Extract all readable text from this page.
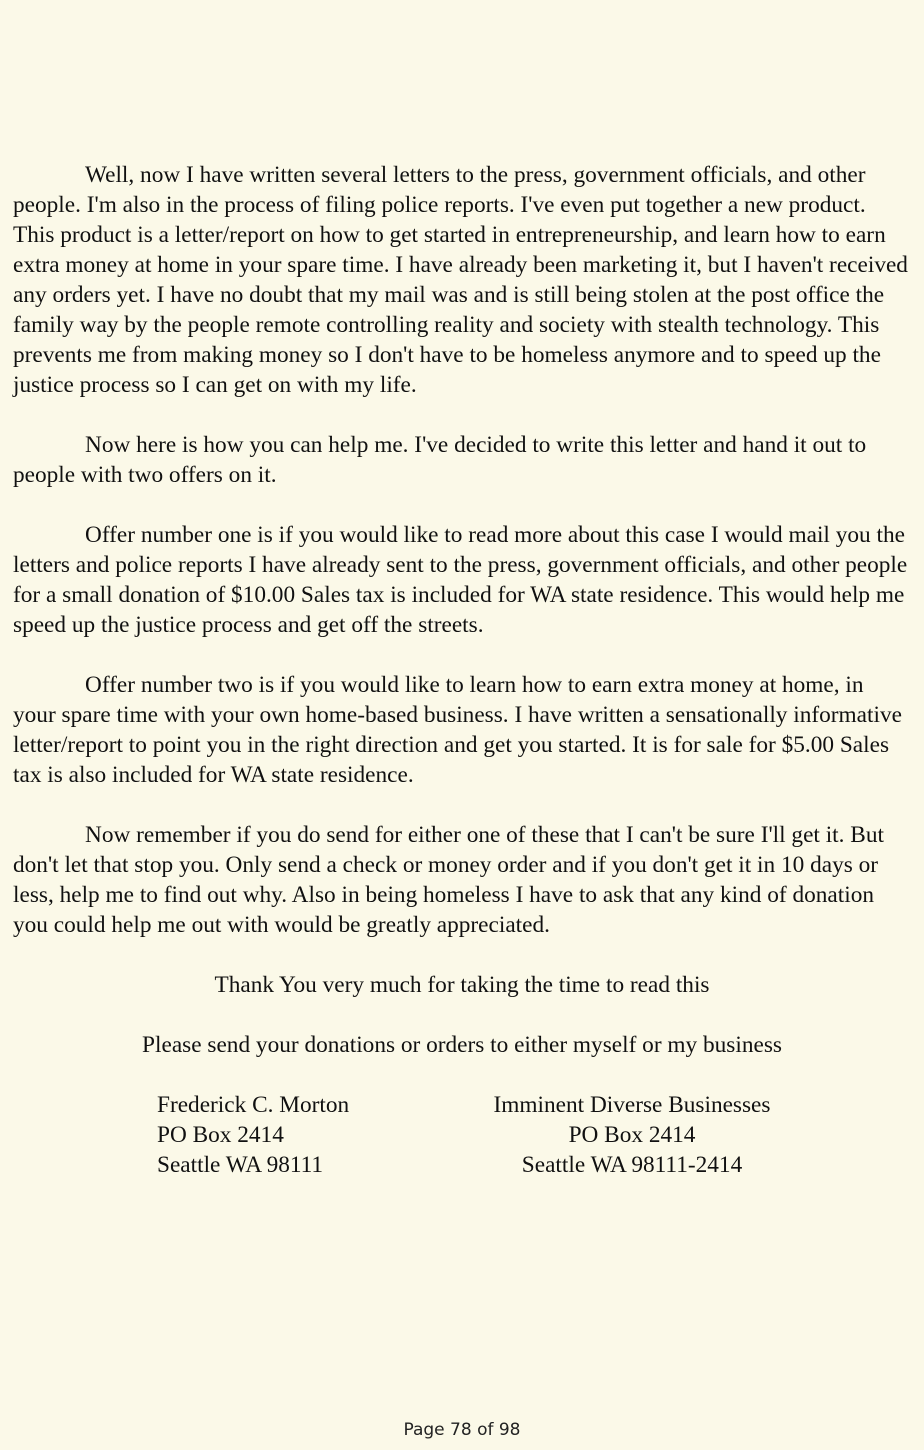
Well, now I have written several letters to the press, government officials, and other people. I'm also in the process of filing police reports. I've even put together a new product. This product is a letter/report on how to get started in entrepreneurship, and learn how to earn extra money at home in your spare time. I have already been marketing it, but I haven't received any orders yet. I have no doubt that my mail was and is still being stolen at the post office the family way by the people remote controlling reality and society with stealth technology. This prevents me from making money so I don't have to be homeless anymore and to speed up the justice process so I can get on with my life.

Now here is how you can help me. I've decided to write this letter and hand it out to people with two offers on it.

Offer number one is if you would like to read more about this case I would mail you the letters and police reports I have already sent to the press, government officials, and other people for a small donation of $10.00 Sales tax is included for WA state residence. This would help me speed up the justice process and get off the streets.

Offer number two is if you would like to learn how to earn extra money at home, in your spare time with your own home-based business. I have written a sensationally informative letter/report to point you in the right direction and get you started. It is for sale for $5.00 Sales tax is also included for WA state residence.

Now remember if you do send for either one of these that I can't be sure I'll get it. But don't let that stop you. Only send a check or money order and if you don't get it in 10 days or less, help me to find out why. Also in being homeless I have to ask that any kind of donation you could help me out with would be greatly appreciated.

Thank You very much for taking the time to read this

Please send your donations or orders to either myself or my business

Frederick C. Morton
PO Box 2414
Seattle WA 98111
Imminent Diverse Businesses
PO Box 2414
Seattle WA 98111-2414
Page 78 of 98
